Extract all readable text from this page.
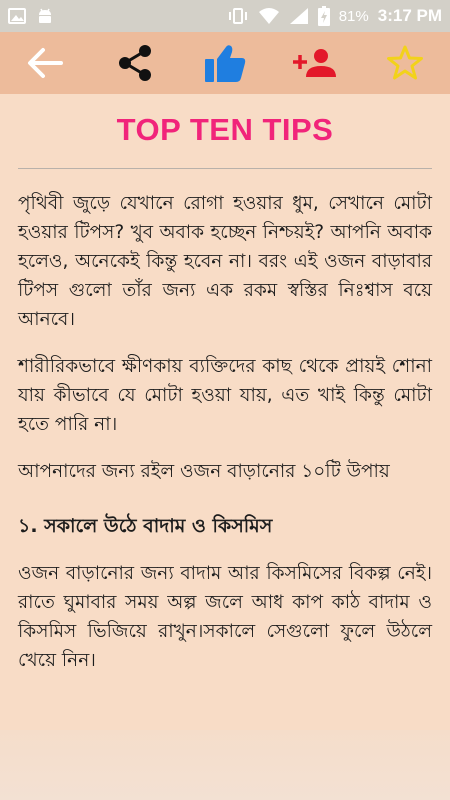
81% 3:17 PM
TOP TEN TIPS

পৃথিবী জুড়ে যেখানে রোগা হওয়ার ধুম, সেখানে মোটা হওয়ার টিপস? খুব অবাক হচ্ছেন নিশ্চয়ই? আপনি অবাক হলেও, অনেকেই কিন্তু হবেন না। বরং এই ওজন বাড়াবার টিপস গুলো তাঁর জন্য এক রকম স্বস্তির নিঃশ্বাস বয়ে আনবে।

শারীরিকভাবে ক্ষীণকায় ব্যক্তিদের কাছ থেকে প্রায়ই শোনা যায় কীভাবে যে মোটা হওয়া যায়, এত খাই কিন্তু মোটা হতে পারি না।

আপনাদের জন্য রইল ওজন বাড়ানোর ১০টি উপায়

১. সকালে উঠে বাদাম ও কিসমিস

ওজন বাড়ানোর জন্য বাদাম আর কিসমিসের বিকল্প নেই। রাতে ঘুমাবার সময় অল্প জলে আধ কাপ কাঠ বাদাম ও কিসমিস ভিজিয়ে রাখুন।সকালে সেগুলো ফুলে উঠলে খেয়ে নিন।
